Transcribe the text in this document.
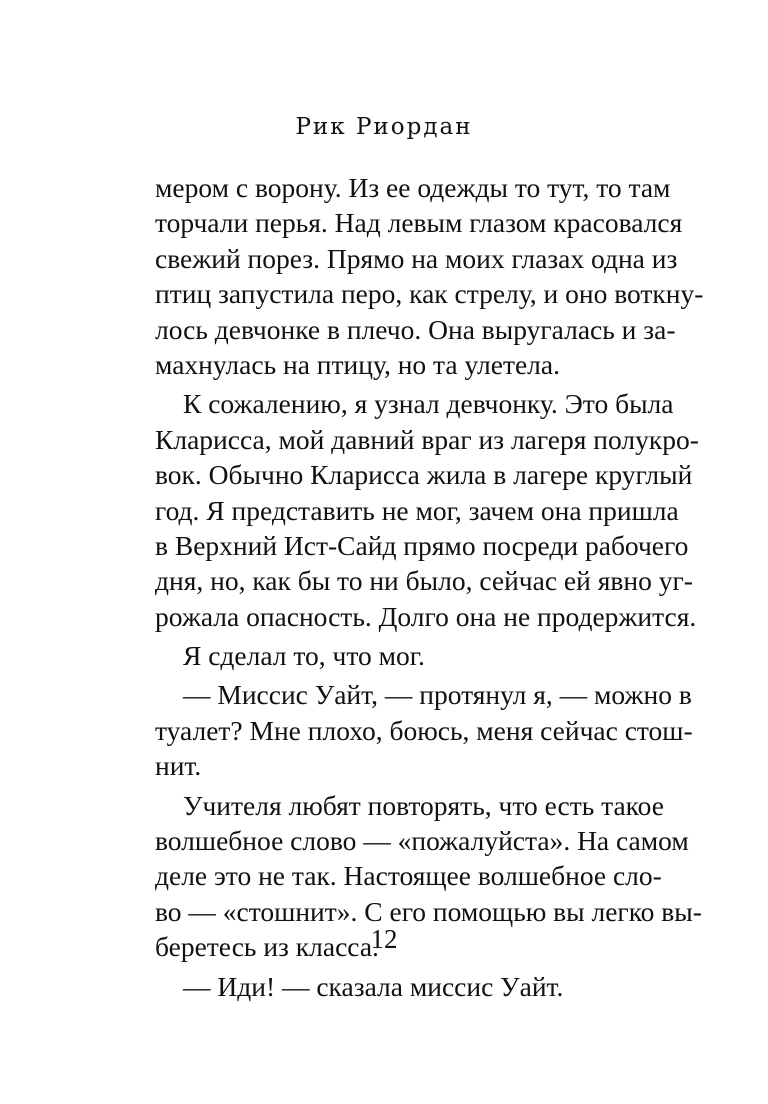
Рик Риордан
мером с ворону. Из ее одежды то тут, то там
торчали перья. Над левым глазом красовался
свежий порез. Прямо на моих глазах одна из
птиц запустила перо, как стрелу, и оно воткну-
лось девчонке в плечо. Она выругалась и за-
махнулась на птицу, но та улетела.
К сожалению, я узнал девчонку. Это была
Кларисса, мой давний враг из лагеря полукро-
вок. Обычно Кларисса жила в лагере круглый
год. Я представить не мог, зачем она пришла
в Верхний Ист-Сайд прямо посреди рабочего
дня, но, как бы то ни было, сейчас ей явно уг-
рожала опасность. Долго она не продержится.
Я сделал то, что мог.
— Миссис Уайт, — протянул я, — можно в
туалет? Мне плохо, боюсь, меня сейчас стош-
нит.
Учителя любят повторять, что есть такое
волшебное слово — «пожалуйста». На самом
деле это не так. Настоящее волшебное сло-
во — «стошнит». С его помощью вы легко вы-
беретесь из класса.
— Иди! — сказала миссис Уайт.
12
